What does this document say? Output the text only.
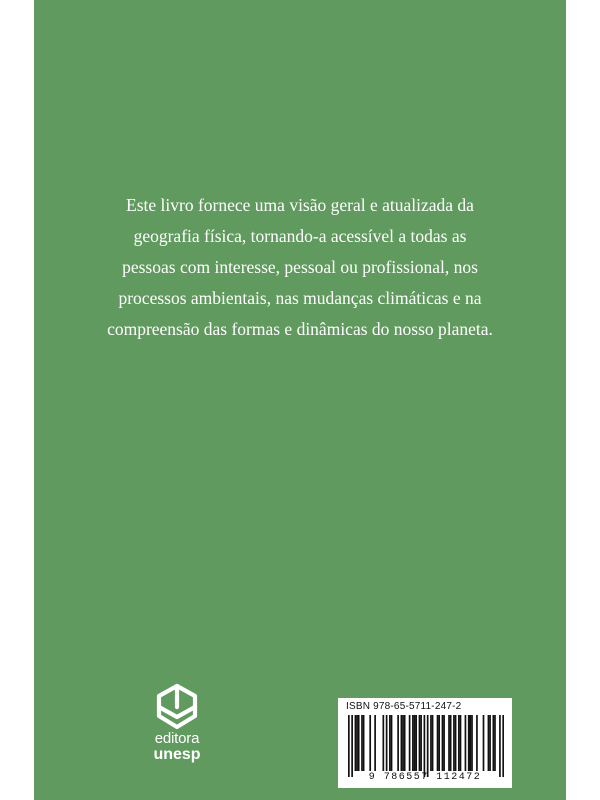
Este livro fornece uma visão geral e atualizada da
geografia física, tornando-a acessível a todas as
pessoas com interesse, pessoal ou profissional, nos
processos ambientais, nas mudanças climáticas e na
compreensão das formas e dinâmicas do nosso planeta.

editora
unesp
ISBN 978-65-5711-247-2
9 786557 112472
